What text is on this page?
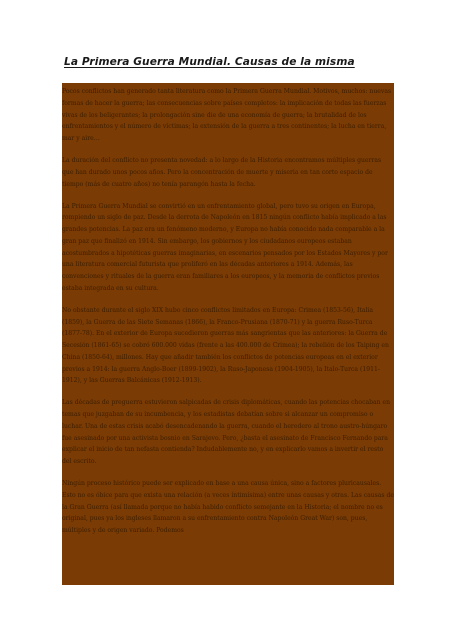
La Primera Guerra Mundial. Causas de la misma

Pocos conflictos han generado tanta literatura como la Primera Guerra Mundial. Motivos, muchos: nuevas formas de hacer la guerra; las consecuencias sobre países completos: la implicación de todas las fuerzas vivas de los beligerantes; la prolongación sine die de una economía de guerra; la brutalidad de los enfrentamientos y el número de víctimas; la extensión de la guerra a tres continentes; la lucha en tierra, mar y aire…

La duración del conflicto no presenta novedad: a lo largo de la Historia encontramos múltiples guerras que han durado unos pocos años. Pero la concentración de muerte y miseria en tan corto espacio de tiempo (más de cuatro años) no tenía parangón hasta la fecha.

La Primera Guerra Mundial se convirtió en un enfrentamiento global, pero tuvo su origen en Europa, rompiendo un siglo de paz. Desde la derrota de Napoleón en 1815 ningún conflicto había implicado a las grandes potencias. La paz era un fenómeno moderno, y Europa no había conocido nada comparable a la gran paz que finalizó en 1914. Sin embargo, los gobiernos y los ciudadanos europeos estaban acostumbrados a hipotéticas guerras imaginarias, en escenarios pensados por los Estados Mayores y por una literatura comercial futurista que proliferó en las décadas anteriores a 1914. Además, las convenciones y rituales de la guerra eran familiares a los europeos, y la memoria de conflictos previos estaba integrada en su cultura.

No obstante durante el siglo XIX hubo cinco conflictos limitados en Europa: Crimea (1853-56), Italia (1859), la Guerra de las Siete Semanas (1866), la Franco-Prusiana (1870-71) y la guerra Ruso-Turca (1877-78). En el exterior de Europa sucedieron guerras más sangrientas que las anteriores: la Guerra de Secesión (1861-65) se cobró 600.000 vidas (frente a las 400.000 de Crimea); la rebelión de los Taiping en China (1850-64), millones. Hay que añadir también los conflictos de potencias europeas en el exterior previos a 1914: la guerra Anglo-Boer (1899-1902), la Ruso-Japonesa (1904-1905), la Italo-Turca (1911-1912), y las Guerras Balcánicas (1912-1913).

Las décadas de preguerra estuvieron salpicadas de crisis diplomáticas, cuando las potencias chocaban en temas que juzgaban de su incumbencia, y los estadistas debatían sobre si alcanzar un compromiso o luchar. Una de estas crisis acabó desencadenando la guerra, cuando el heredero al trono austro-húngaro fue asesinado por una activista bosnio en Sarajevo. Pero, ¿basta el asesinato de Francisco Fernando para explicar el inicio de tan nefasta contienda? Indudablemente no, y en explicarlo vamos a invertir el resto del escrito.

Ningún proceso histórico puede ser explicado en base a una causa única, sino a factores pluricausales. Esto no es óbice para que exista una relación (a veces íntimísima) entre unas causas y otras. Las causas de la Gran Guerra (así llamada porque no había habido conflicto semejante en la Historia; el nombre no es original, pues ya los ingleses llamaron a su enfrentamiento contra Napoleón Great War) son, pues, múltiples y de origen variado. Podemos
